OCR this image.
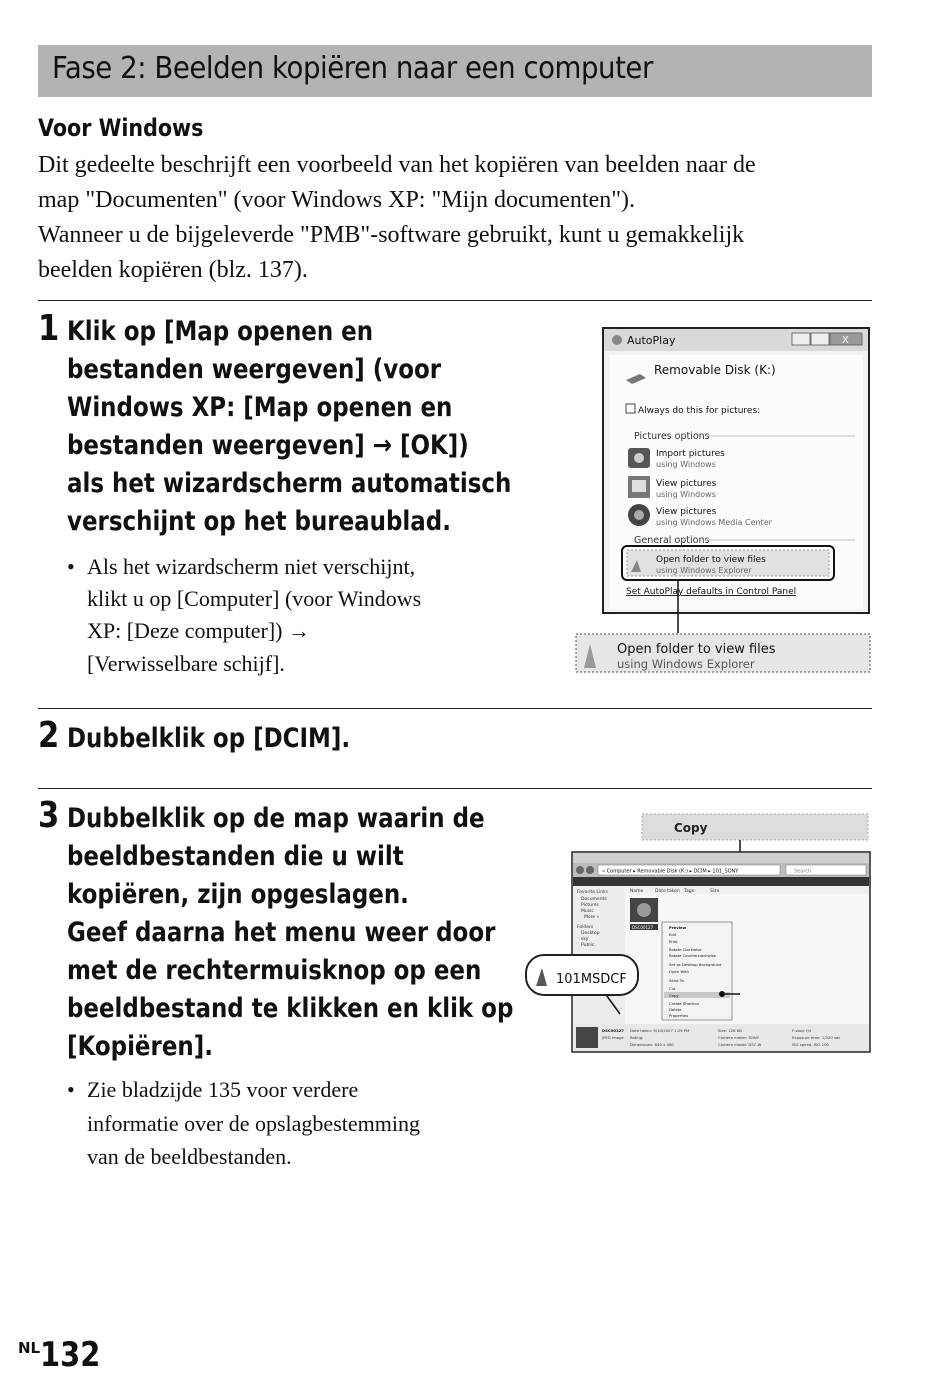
Fase 2: Beelden kopiëren naar een computer
Voor Windows

Dit gedeelte beschrijft een voorbeeld van het kopiëren van beelden naar de

map "Documenten" (voor Windows XP: "Mijn documenten").

Wanneer u de bijgeleverde "PMB"-software gebruikt, kunt u gemakkelijk

beelden kopiëren (blz. 137).

1 Klik op [Map openen en
bestanden weergeven] (voor
Windows XP: [Map openen en
bestanden weergeven] → [OK])
als het wizardscherm automatisch
verschijnt op het bureaublad.
• Als het wizardscherm niet verschijnt,
klikt u op [Computer] (voor Windows
XP: [Deze computer]) →
[Verwisselbare schijf].
AutoPlay	X
Removable Disk (K:)
Always do this for pictures:
Pictures options
Import pictures
using Windows
View pictures
using Windows
View pictures
using Windows Media Center
General options
Open folder to view files
using Windows Explorer
Set AutoPlay defaults in Control Panel
Open folder to view files
using Windows Explorer
2 Dubbelklik op [DCIM].
3 Dubbelklik op de map waarin de
beeldbestanden die u wilt
kopiëren, zijn opgeslagen.
Geef daarna het menu weer door
met de rechtermuisknop op een
beeldbestand te klikken en klik op
[Kopiëren].
• Zie bladzijde 135 voor verdere
informatie over de opslagbestemming
van de beeldbestanden.
Copy
« Computer ▸ Removable Disk (K:) ▸ DCIM ▸ 101_SONY	Search
Favorite Links
Documents
Pictures
Music
More »
Folders
Desktop
sky
Public
Name	Date taken Tags	Size
DSC00127	Preview
Edit
Print
Rotate Clockwise
Rotate Counterclockwise
Set as Desktop Background
Open With
Send To
Cut
Copy
Create Shortcut
Delete
Properties
DSC00127
JPEG Image
Date taken: 9/10/2007 1:29 PM
Rating:
Dimensions: 640 x 480
Size: 128 KB
Camera maker: SONY
Camera model: DSC-W
F-stop: f/4
Exposure time: 1/320 sec
ISO speed: ISO-100
101MSDCF
NL132
